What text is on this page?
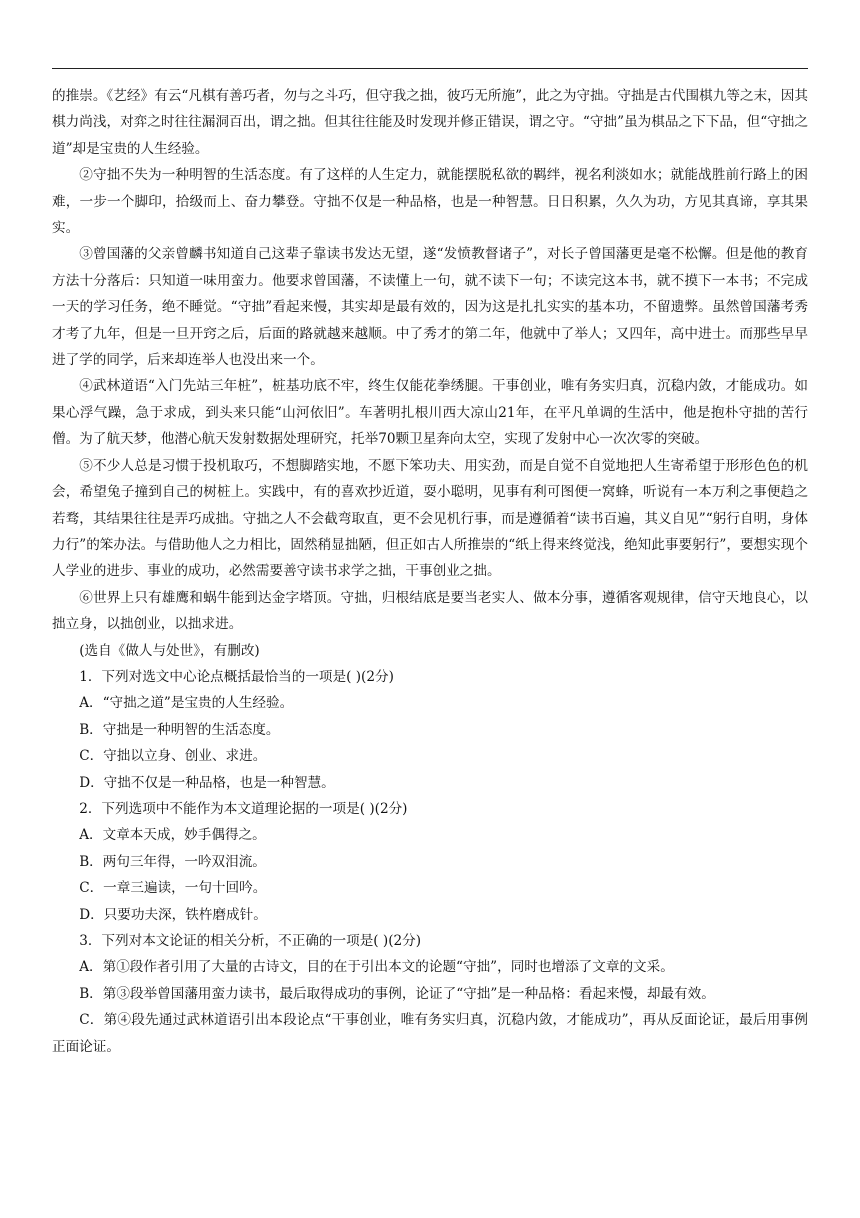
的推崇。《艺经》有云“凡棋有善巧者，勿与之斗巧，但守我之拙，彼巧无所施”，此之为守拙。守拙是古代围棋九等之末，因其棋力尚浅，对弈之时往往漏洞百出，谓之拙。但其往往能及时发现并修正错误，谓之守。“守拙”虽为棋品之下下品，但“守拙之道”却是宝贵的人生经验。

②守拙不失为一种明智的生活态度。有了这样的人生定力，就能摆脱私欲的羁绊，视名利淡如水；就能战胜前行路上的困难，一步一个脚印，拾级而上、奋力攀登。守拙不仅是一种品格，也是一种智慧。日日积累，久久为功，方见其真谛，享其果实。

③曾国藩的父亲曾麟书知道自己这辈子靠读书发达无望，遂“发愤教督诸子”，对长子曾国藩更是毫不松懈。但是他的教育方法十分落后：只知道一味用蛮力。他要求曾国藩，不读懂上一句，就不读下一句；不读完这本书，就不摸下一本书；不完成一天的学习任务，绝不睡觉。“守拙”看起来慢，其实却是最有效的，因为这是扎扎实实的基本功，不留遗弊。虽然曾国藩考秀才考了九年，但是一旦开窍之后，后面的路就越来越顺。中了秀才的第二年，他就中了举人；又四年，高中进士。而那些早早进了学的同学，后来却连举人也没出来一个。

④武林道语“入门先站三年桩”，桩基功底不牢，终生仅能花拳绣腿。干事创业，唯有务实归真，沉稳内敛，才能成功。如果心浮气躁，急于求成，到头来只能“山河依旧”。车著明扎根川西大凉山21年，在平凡单调的生活中，他是抱朴守拙的苦行僧。为了航天梦，他潜心航天发射数据处理研究，托举70颗卫星奔向太空，实现了发射中心一次次零的突破。

⑤不少人总是习惯于投机取巧，不想脚踏实地，不愿下笨功夫、用实劲，而是自觉不自觉地把人生寄希望于形形色色的机会，希望兔子撞到自己的树桩上。实践中，有的喜欢抄近道，耍小聪明，见事有利可图便一窝蜂，听说有一本万利之事便趋之若骛，其结果往往是弄巧成拙。守拙之人不会截弯取直，更不会见机行事，而是遵循着“读书百遍，其义自见”“躬行自明，身体力行”的笨办法。与借助他人之力相比，固然稍显拙陋，但正如古人所推崇的“纸上得来终觉浅，绝知此事要躬行”，要想实现个人学业的进步、事业的成功，必然需要善守读书求学之拙，干事创业之拙。

⑥世界上只有雄鹰和蜗牛能到达金字塔顶。守拙，归根结底是要当老实人、做本分事，遵循客观规律，信守天地良心，以拙立身，以拙创业，以拙求进。

(选自《做人与处世》，有删改)

1．下列对选文中心论点概括最恰当的一项是( )(2分)

A．“守拙之道”是宝贵的人生经验。

B．守拙是一种明智的生活态度。

C．守拙以立身、创业、求进。

D．守拙不仅是一种品格，也是一种智慧。

2．下列选项中不能作为本文道理论据的一项是( )(2分)

A．文章本天成，妙手偶得之。

B．两句三年得，一吟双泪流。

C．一章三遍读，一句十回吟。

D．只要功夫深，铁杵磨成针。

3．下列对本文论证的相关分析，不正确的一项是( )(2分)

A．第①段作者引用了大量的古诗文，目的在于引出本文的论题“守拙”，同时也增添了文章的文采。

B．第③段举曾国藩用蛮力读书，最后取得成功的事例，论证了“守拙”是一种品格：看起来慢，却最有效。

C．第④段先通过武林道语引出本段论点“干事创业，唯有务实归真，沉稳内敛，才能成功”，再从反面论证，最后用事例正面论证。
